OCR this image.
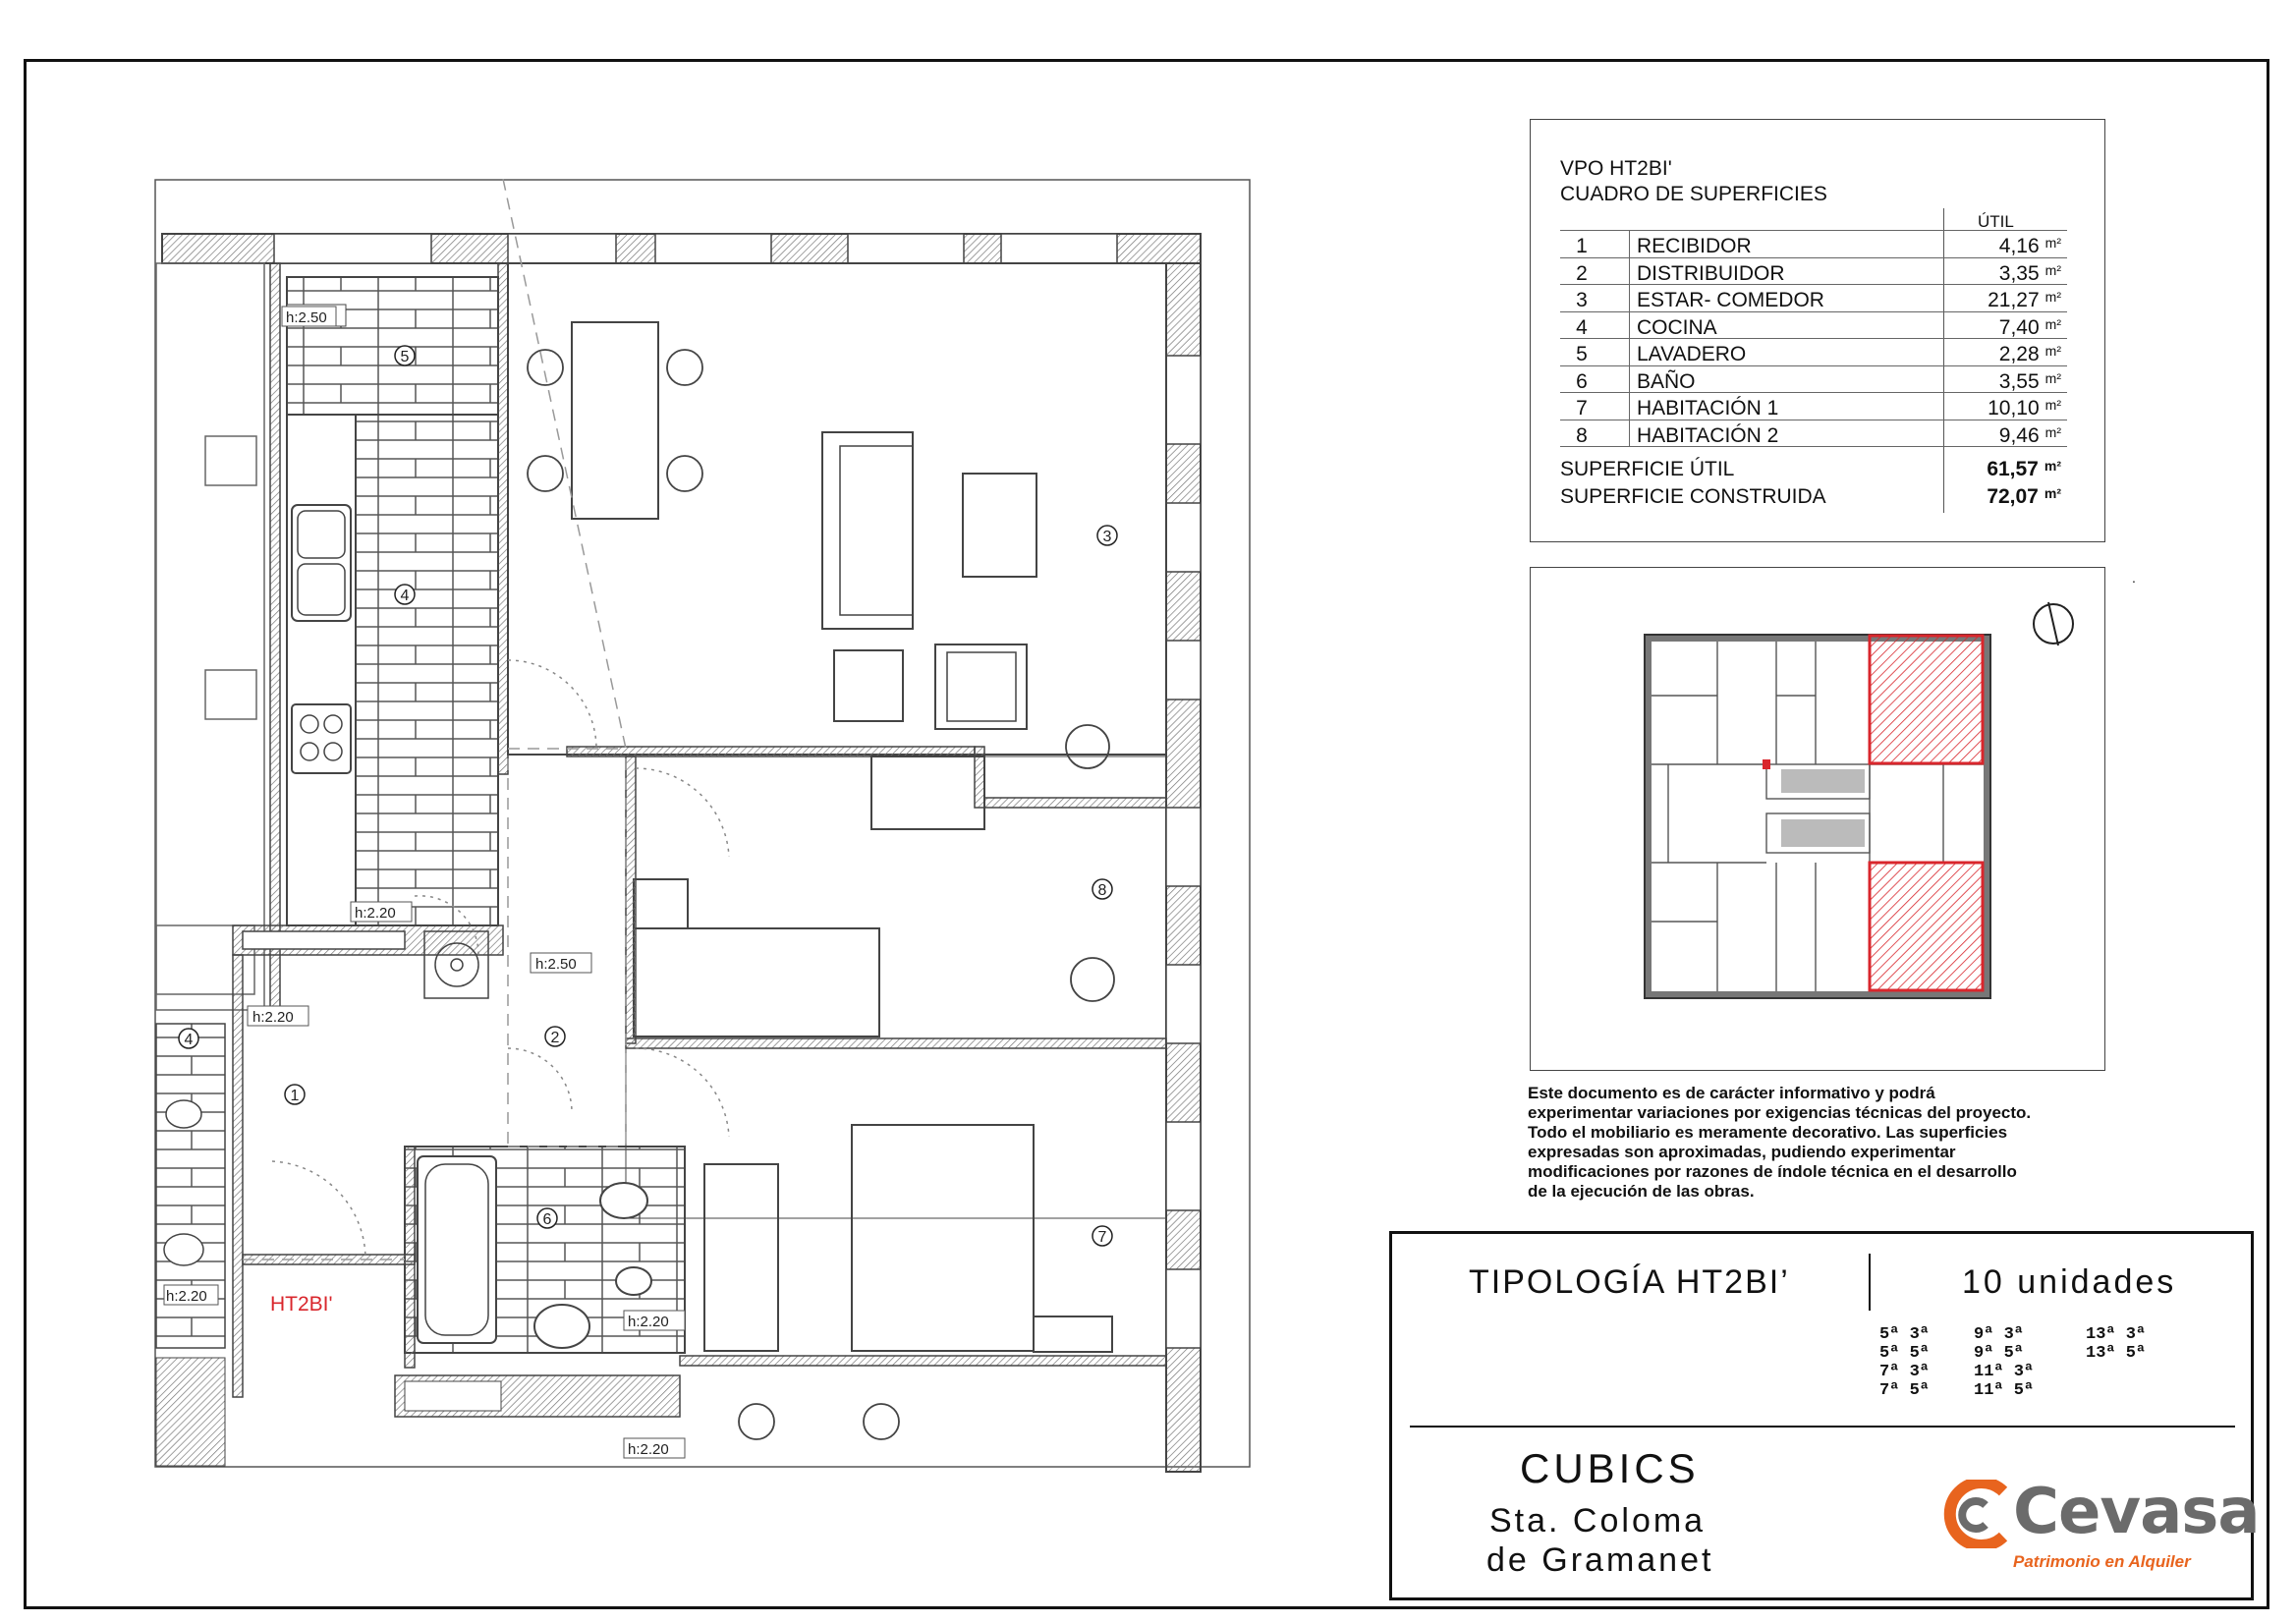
h:2.50
h:2.20
h:2.50
h:2.20
h:2.20
h:2.20
h:2.20
5
4
3
8
2
4
1
6
7
HT2BI'
VPO HT2BI'
CUADRO DE SUPERFICIES
ÚTIL
1	RECIBIDOR	4,16 $^{m^2}$
2	DISTRIBUIDOR	3,35 $^{m^2}$
3	ESTAR- COMEDOR	21,27 $^{m^2}$
4	COCINA	7,40 $^{m^2}$
5	LAVADERO	2,28 $^{m^2}$
6	BAÑO	3,55 $^{m^2}$
7	HABITACIÓN 1	10,10 $^{m^2}$
8	HABITACIÓN 2	9,46 $^{m^2}$
SUPERFICIE ÚTIL	61,57 $^{m^2}$
SUPERFICIE CONSTRUIDA	72,07 $^{m^2}$
.
Este documento es de carácter informativo y podrá
experimentar variaciones por exigencias técnicas del proyecto.
Todo el mobiliario es meramente decorativo. Las superficies
expresadas son aproximadas, pudiendo experimentar
modificaciones por razones de índole técnica en el desarrollo
de la ejecución de las obras.
TIPOLOGÍA HT2BI’	10 unidades
5ª 3ª
5ª 5ª
7ª 3ª
7ª 5ª
9ª 3ª
9ª 5ª
11ª 3ª
11ª 5ª
13ª 3ª
13ª 5ª
CUBICS
Sta. Coloma
de Gramanet
Cevasa
Patrimonio en Alquiler
